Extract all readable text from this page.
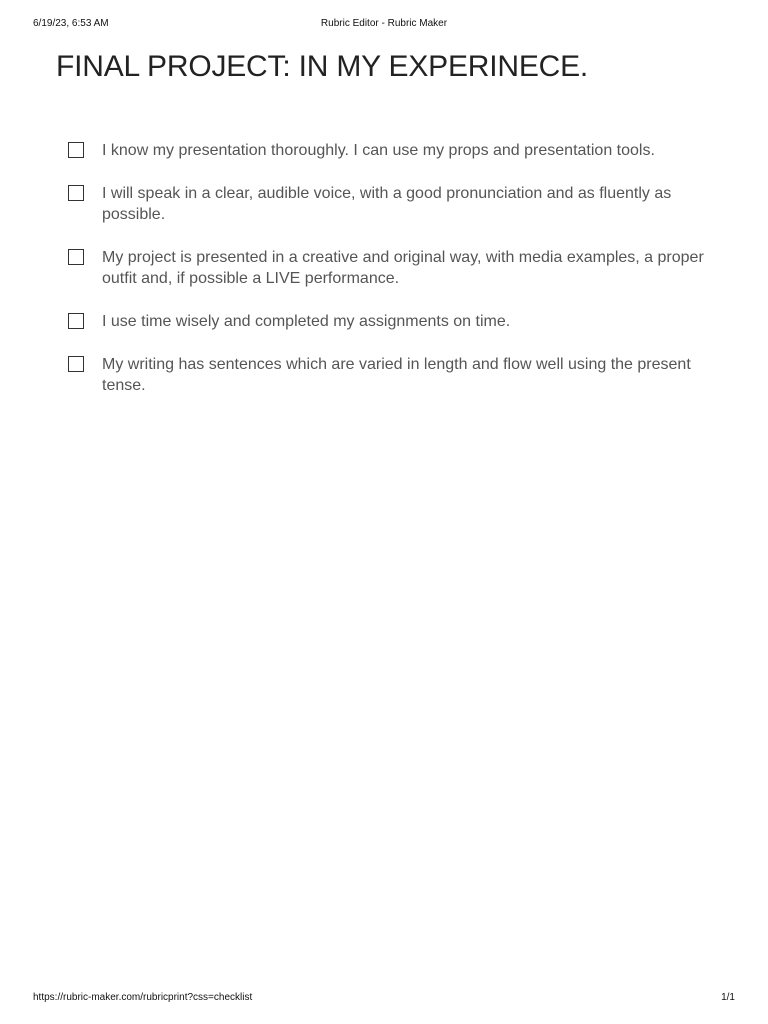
6/19/23, 6:53 AM	Rubric Editor - Rubric Maker
FINAL PROJECT: IN MY EXPERINECE.
I know my presentation thoroughly. I can use my props and presentation tools.
I will speak in a clear, audible voice, with a good pronunciation and as fluently as possible.
My project is presented in a creative and original way, with media examples, a proper outfit and, if possible a LIVE performance.
I use time wisely and completed my assignments on time.
My writing has sentences which are varied in length and flow well using the present tense.
https://rubric-maker.com/rubricprint?css=checklist	1/1
